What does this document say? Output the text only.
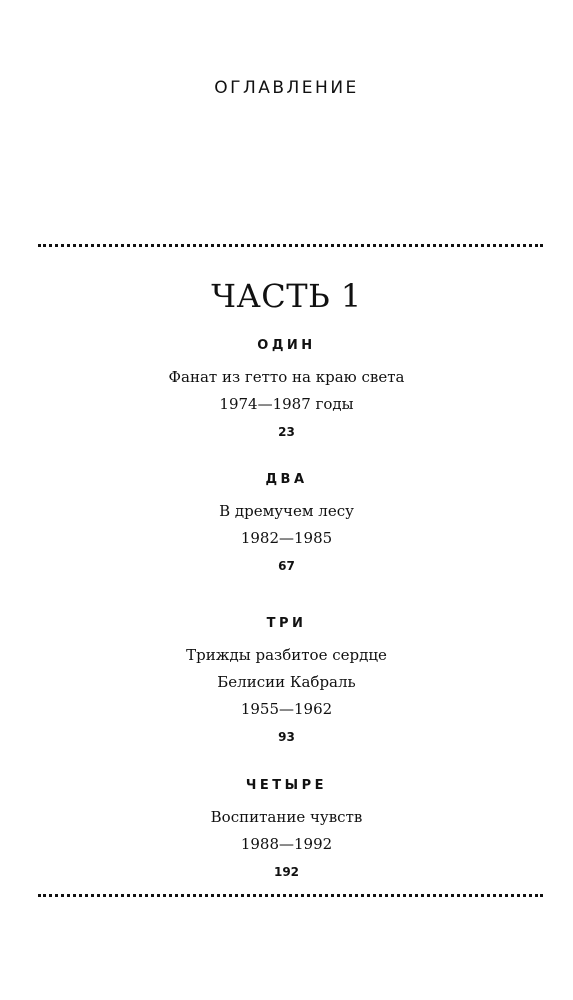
ОГЛАВЛЕНИЕ
ЧАСТЬ 1
ОДИН
Фанат из гетто на краю света
1974—1987 годы
23
ДВА
В дремучем лесу
1982—1985
67
ТРИ
Трижды разбитое сердце
Белисии Кабраль
1955—1962
93
ЧЕТЫРЕ
Воспитание чувств
1988—1992
192
